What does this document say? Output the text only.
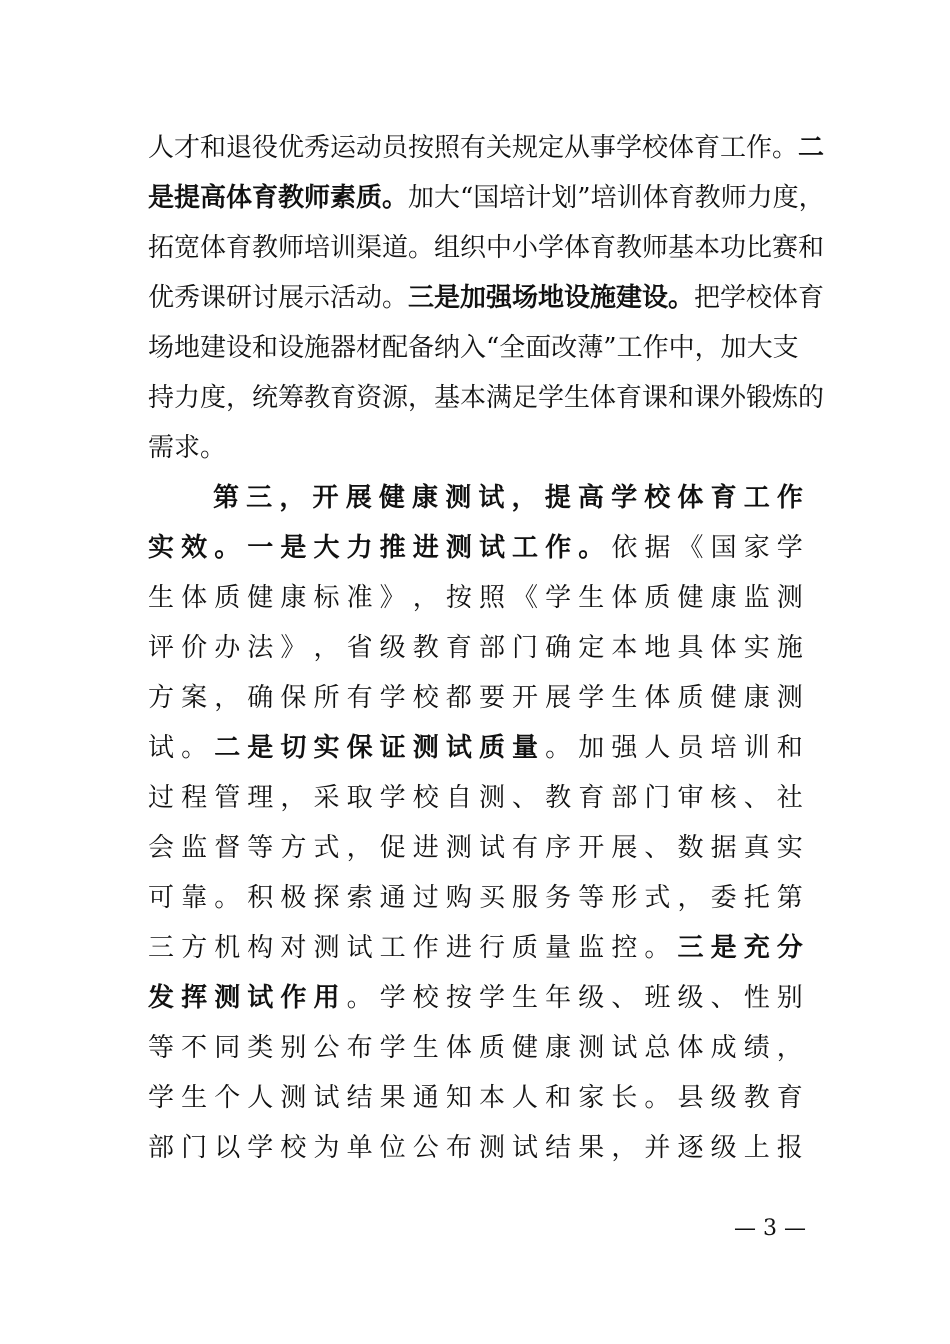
人才和退役优秀运动员按照有关规定从事学校体育工作。二
是提高体育教师素质。加大“国培计划”培训体育教师力度，
拓宽体育教师培训渠道。组织中小学体育教师基本功比赛和
优秀课研讨展示活动。三是加强场地设施建设。把学校体育
场地建设和设施器材配备纳入“全面改薄”工作中，加大支
持力度，统筹教育资源，基本满足学生体育课和课外锻炼的
需求。
第 三 ， 开 展 健 康 测 试 ， 提 高 学 校 体 育 工 作
实 效 。 一 是 大 力 推 进 测 试 工 作 。 依 据 《 国 家 学
生 体 质 健 康 标 准 》 ， 按 照 《 学 生 体 质 健 康 监 测
评 价 办 法 》 ， 省 级 教 育 部 门 确 定 本 地 具 体 实 施
方 案 ， 确 保 所 有 学 校 都 要 开 展 学 生 体 质 健 康 测
试 。 二 是 切 实 保 证 测 试 质 量 。 加 强 人 员 培 训 和
过 程 管 理 ， 采 取 学 校 自 测 、 教 育 部 门 审 核 、 社
会 监 督 等 方 式 ， 促 进 测 试 有 序 开 展 、 数 据 真 实
可 靠 。 积 极 探 索 通 过 购 买 服 务 等 形 式 ， 委 托 第
三 方 机 构 对 测 试 工 作 进 行 质 量 监 控 。 三 是 充 分
发 挥 测 试 作 用 。 学 校 按 学 生 年 级 、 班 级 、 性 别
等 不 同 类 别 公 布 学 生 体 质 健 康 测 试 总 体 成 绩 ，
学 生 个 人 测 试 结 果 通 知 本 人 和 家 长 。 县 级 教 育
部 门 以 学 校 为 单 位 公 布 测 试 结 果 ， 并 逐 级 上 报
— 3 —
